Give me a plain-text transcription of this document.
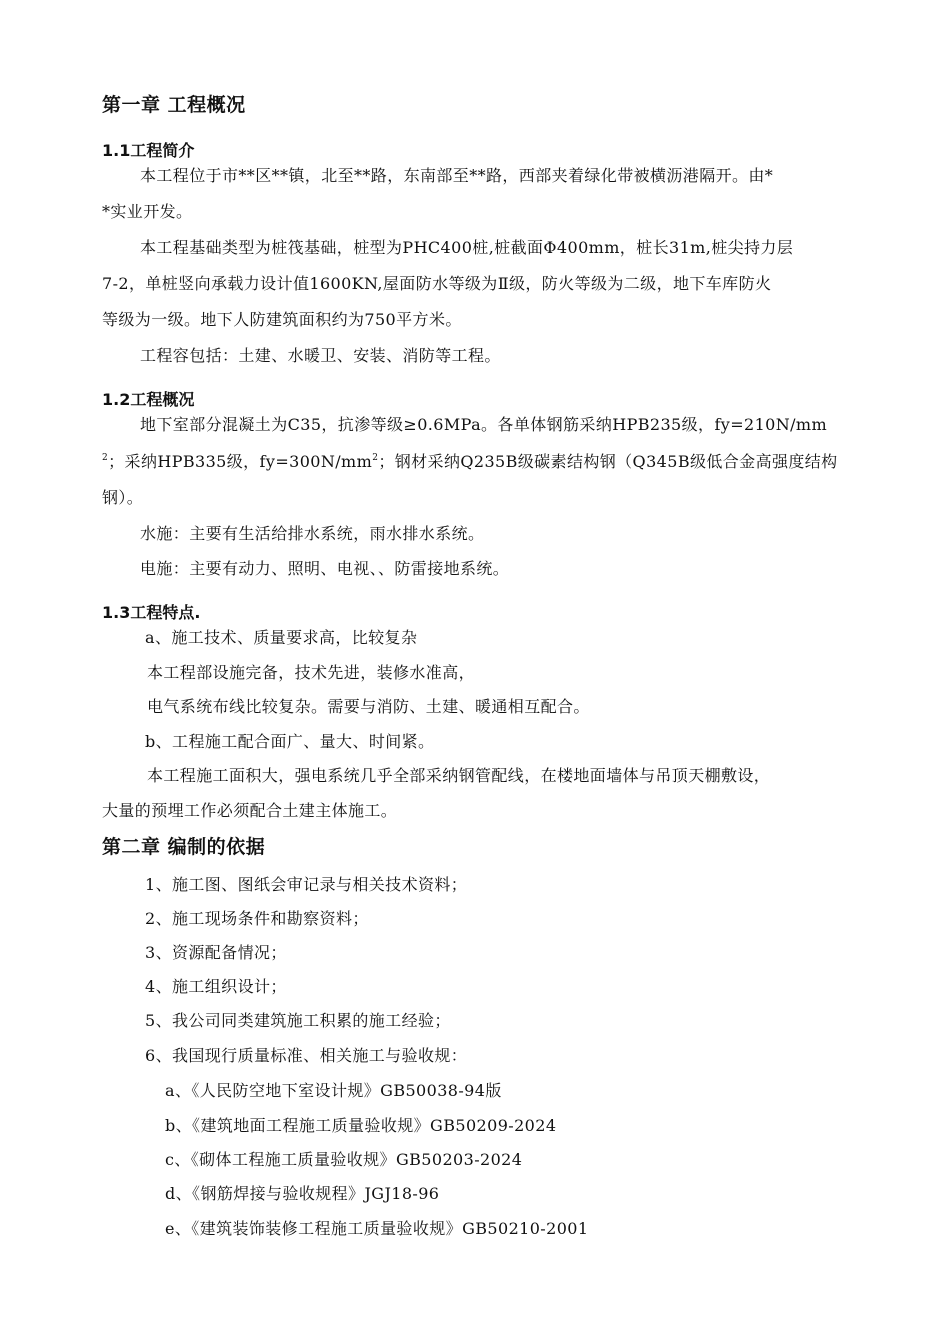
第一章 工程概况
1.1工程简介
本工程位于市**区**镇，北至**路，东南部至**路，西部夹着绿化带被横沥港隔开。由*
*实业开发。
本工程基础类型为桩筏基础，桩型为PHC400桩,桩截面Φ400mm，桩长31m,桩尖持力层
7-2，单桩竖向承载力设计值1600KN,屋面防水等级为Ⅱ级，防火等级为二级，地下车库防火
等级为一级。地下人防建筑面积约为750平方米。
工程容包括：土建、水暖卫、安装、消防等工程。
1.2工程概况
地下室部分混凝土为C35，抗渗等级≥0.6MPa。各单体钢筋采纳HPB235级，fy=210N/mm
$^2$；采纳HPB335级，$fy=300N/mm^2$；钢材采纳Q235B级碳素结构钢（Q345B级低合金高强度结构
钢）。
水施：主要有生活给排水系统，雨水排水系统。
电施：主要有动力、照明、电视、、防雷接地系统。
1.3工程特点.
a、施工技术、质量要求高，比较复杂
本工程部设施完备，技术先进，装修水准高，
电气系统布线比较复杂。需要与消防、土建、暖通相互配合。
b、工程施工配合面广、量大、时间紧。
本工程施工面积大，强电系统几乎全部采纳钢管配线，在楼地面墙体与吊顶天棚敷设，
大量的预埋工作必须配合土建主体施工。
第二章 编制的依据
1、施工图、图纸会审记录与相关技术资料；
2、施工现场条件和勘察资料；
3、资源配备情况；
4、施工组织设计；
5、我公司同类建筑施工积累的施工经验；
6、我国现行质量标准、相关施工与验收规：
a、《人民防空地下室设计规》GB50038-94版
b、《建筑地面工程施工质量验收规》GB50209-2024
c、《砌体工程施工质量验收规》GB50203-2024
d、《钢筋焊接与验收规程》JGJ18-96
e、《建筑装饰装修工程施工质量验收规》GB50210-2001
